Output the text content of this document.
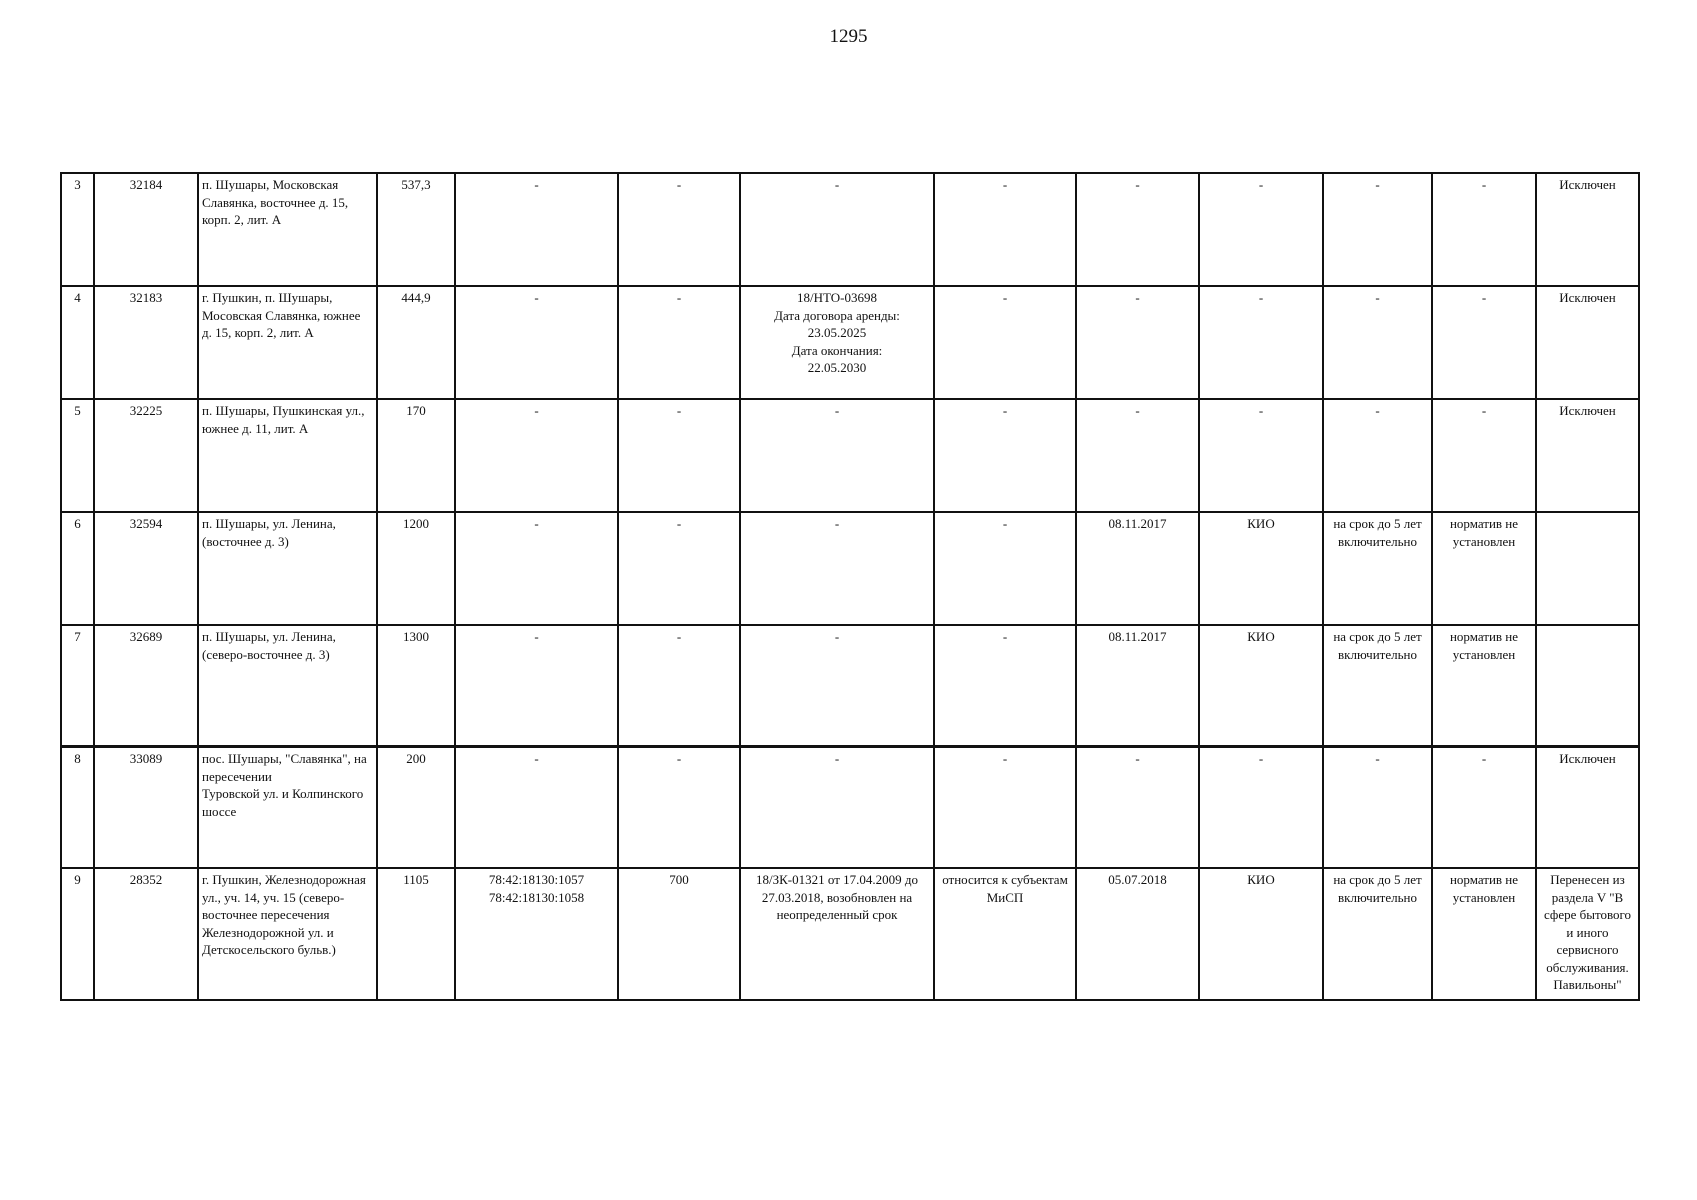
1295
3	32184	п. Шушары, Московская Славянка, восточнее д. 15, корп. 2, лит. А	537,3	-	-	-	-	-	-	-	-	Исключен
4	32183	г. Пушкин, п. Шушары, Мосовская Славянка, южнее д. 15, корп. 2, лит. А	444,9	-	-	18/НТО-03698
Дата договора аренды:
23.05.2025
Дата окончания:
22.05.2030	-	-	-	-	-	Исключен
5	32225	п. Шушары, Пушкинская ул., южнее д. 11, лит. А	170	-	-	-	-	-	-	-	-	Исключен
6	32594	п. Шушары, ул. Ленина, (восточнее д. 3)	1200	-	-	-	-	08.11.2017	КИО	на срок до 5 лет включительно	норматив не установлен	
7	32689	п. Шушары, ул. Ленина, (северо-восточнее д. 3)	1300	-	-	-	-	08.11.2017	КИО	на срок до 5 лет включительно	норматив не установлен	
8	33089	пос. Шушары, "Славянка", на пересечении
Туровской ул. и Колпинского шоссе	200	-	-	-	-	-	-	-	-	Исключен
9	28352	г. Пушкин, Железнодорожная ул., уч. 14, уч. 15 (северо-восточнее пересечения Железнодорожной ул. и Детскосельского бульв.)	1105	78:42:18130:1057
78:42:18130:1058	700	18/ЗК-01321 от 17.04.2009 до 27.03.2018, возобновлен на неопределенный срок	относится к субъектам МиСП	05.07.2018	КИО	на срок до 5 лет включительно	норматив не установлен	Перенесен из раздела V "В сфере бытового и иного сервисного обслуживания. Павильоны"
